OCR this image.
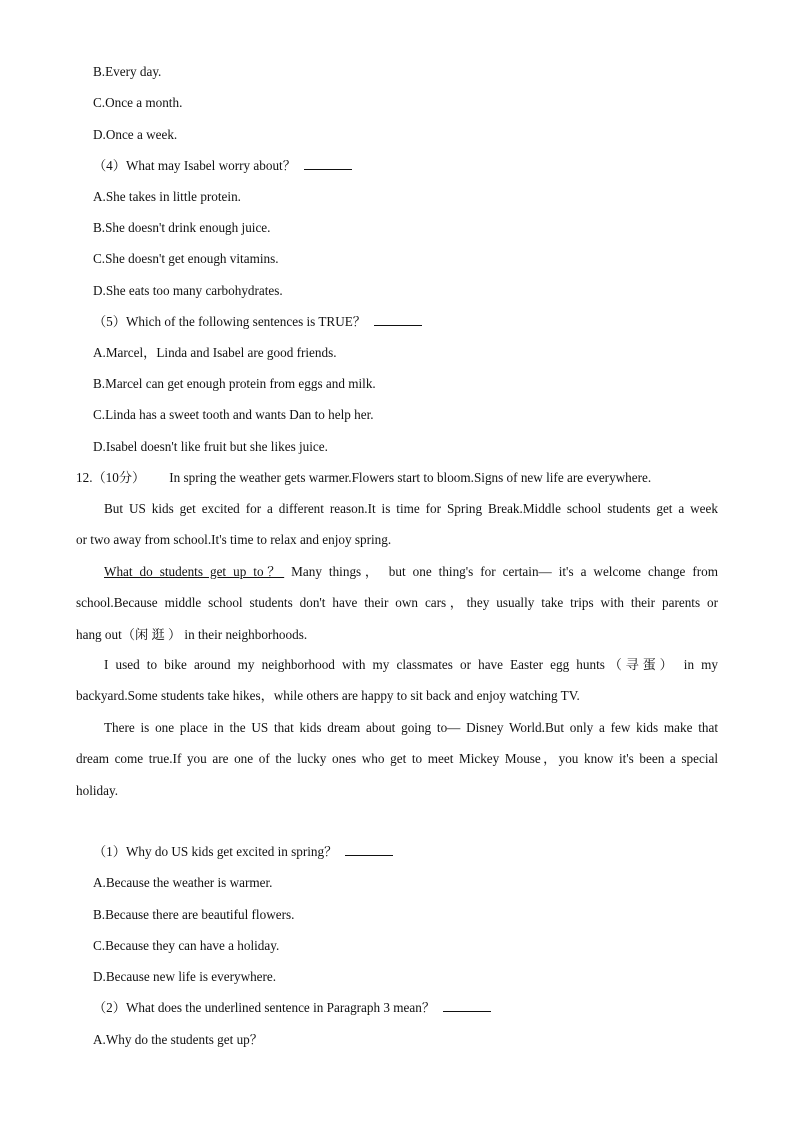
B.Every day.
C.Once a month.
D.Once a week.
（4）What may Isabel worry about？
A.She takes in little protein.
B.She doesn't drink enough juice.
C.She doesn't get enough vitamins.
D.She eats too many carbohydrates.
（5）Which of the following sentences is TRUE？
A.Marcel，Linda and Isabel are good friends.
B.Marcel can get enough protein from eggs and milk.
C.Linda has a sweet tooth and wants Dan to help her.
D.Isabel doesn't like fruit but she likes juice.
12.（10分） In spring the weather gets warmer.Flowers start to bloom.Signs of new life are everywhere.
But US kids get excited for a different reason.It is time for Spring Break.Middle school students get a week
or two away from school.It's time to relax and enjoy spring.
What do students get up to？ Many things， but one thing's for certain— it's a welcome change from
school.Because middle school students don't have their own cars，they usually take trips with their parents or
hang out（闲 逛 ） in their neighborhoods.
I used to bike around my neighborhood with my classmates or have Easter egg hunts（寻蛋） in my
backyard.Some students take hikes，while others are happy to sit back and enjoy watching TV.
There is one place in the US that kids dream about going to— Disney World.But only a few kids make that
dream come true.If you are one of the lucky ones who get to meet Mickey Mouse，you know it's been a special
holiday.
（1）Why do US kids get excited in spring？
A.Because the weather is warmer.
B.Because there are beautiful flowers.
C.Because they can have a holiday.
D.Because new life is everywhere.
（2）What does the underlined sentence in Paragraph 3 mean？
A.Why do the students get up？
